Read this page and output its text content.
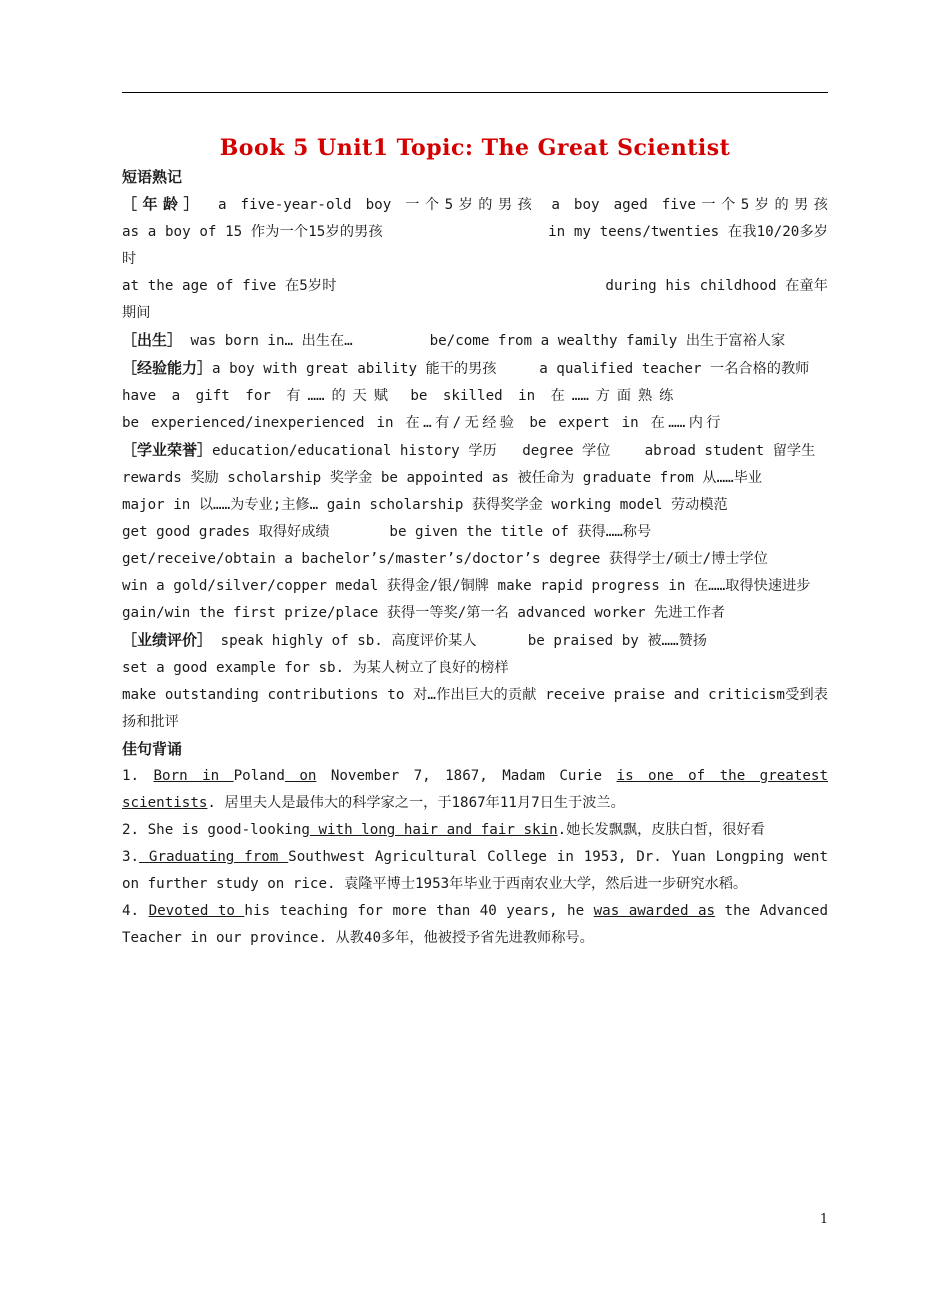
Book 5 Unit1 Topic: The Great Scientist

短语熟记

［年龄］ a five-year-old boy 一个5岁的男孩 a boy aged five一个5岁的男孩

as a boy of 15 作为一个15岁的男孩	in my teens/twenties 在我10/20多岁时

at the age of five 在5岁时	during his childhood 在童年期间

［出生］ was born in… 出生在…	be/come from a wealthy family 出生于富裕人家

［经验能力］a boy with great ability 能干的男孩	a qualified teacher 一名合格的教师

have a gift for 有……的天赋 be skilled in 在……方面熟练

be experienced/inexperienced in 在…有/无经验 be expert in 在……内行

［学业荣誉］education/educational history 学历 degree 学位 abroad student 留学生

rewards 奖励 scholarship 奖学金 be appointed as 被任命为 graduate from 从……毕业

major in 以……为专业;主修… gain scholarship 获得奖学金 working model 劳动模范

get good grades 取得好成绩	be given the title of 获得……称号

get/receive/obtain a bachelor’s/master’s/doctor’s degree 获得学士/硕士/博士学位

win a gold/silver/copper medal 获得金/银/铜牌 make rapid progress in 在……取得快速进步

gain/win the first prize/place 获得一等奖/第一名 advanced worker 先进工作者

［业绩评价］ speak highly of sb. 高度评价某人	be praised by 被……赞扬

set a good example for sb. 为某人树立了良好的榜样

make outstanding contributions to 对…作出巨大的贡献 receive praise and criticism受到表扬和批评

佳句背诵

1. Born in Poland on November 7, 1867, Madam Curie is one of the greatest scientists. 居里夫人是最伟大的科学家之一，于1867年11月7日生于波兰。

2. She is good-looking with long hair and fair skin.她长发飘飘，皮肤白皙，很好看

3. Graduating from Southwest Agricultural College in 1953, Dr. Yuan Longping went on further study on rice. 袁隆平博士1953年毕业于西南农业大学，然后进一步研究水稻。

4. Devoted to his teaching for more than 40 years, he was awarded as the Advanced Teacher in our province. 从教40多年，他被授予省先进教师称号。

1
